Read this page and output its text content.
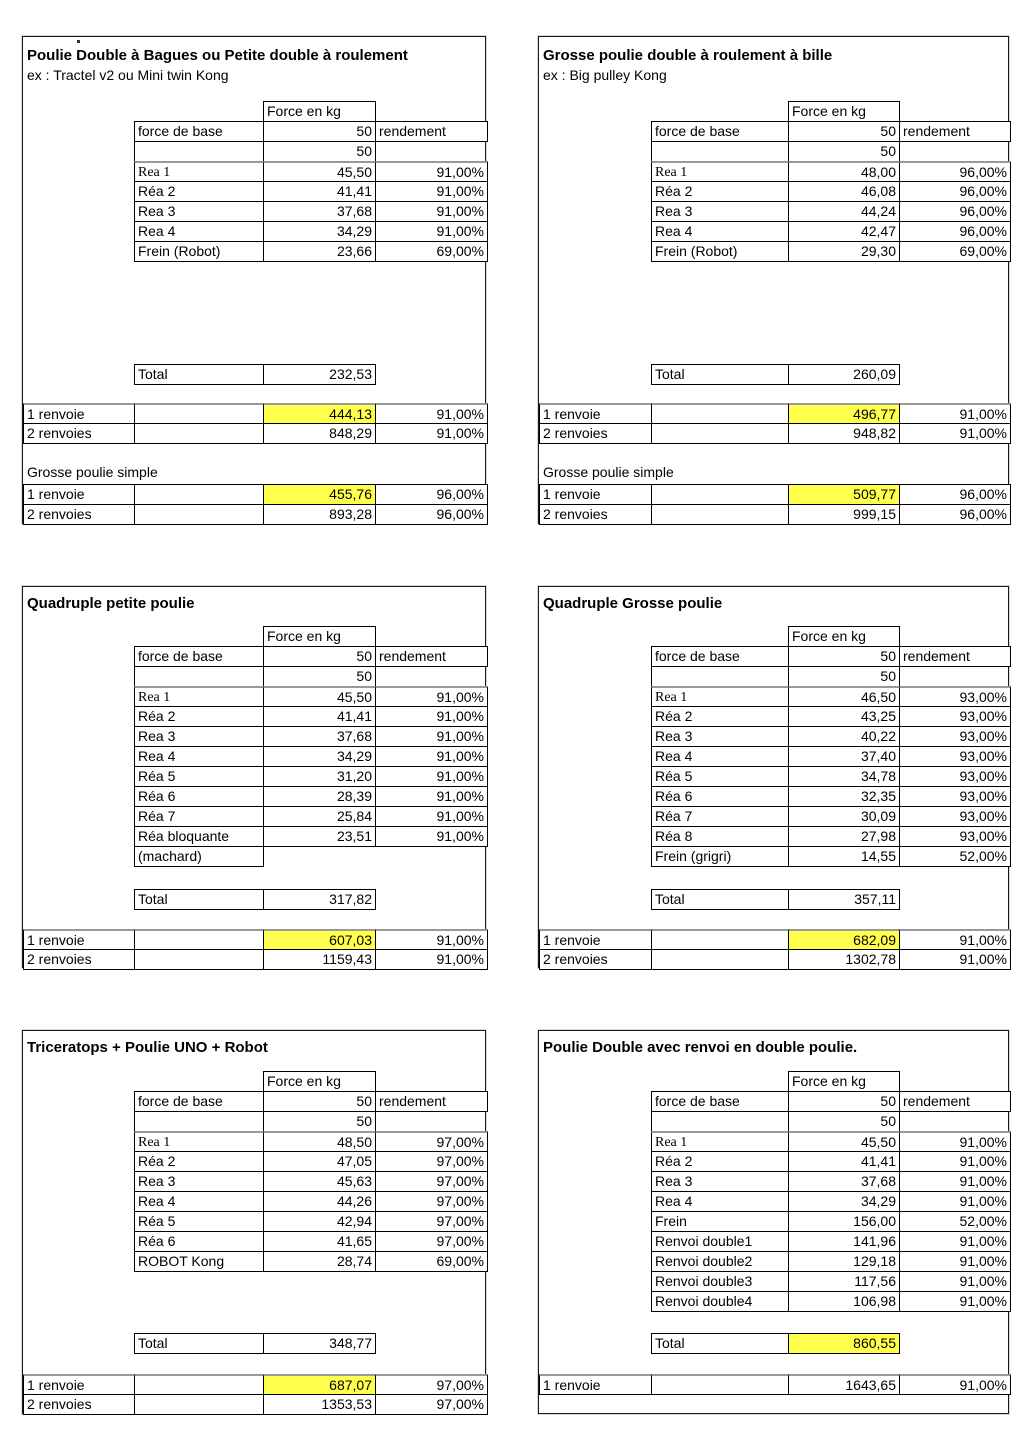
Poulie Double à Bagues ou Petite double à roulement
ex : Tractel v2 ou Mini twin Kong
Force en kg
force de base	50 rendement
50
Rea 1	45,50	91,00%
Réa 2	41,41	91,00%
Rea 3	37,68	91,00%
Rea 4	34,29	91,00%
Frein (Robot)	23,66	69,00%
Total	232,53
1 renvoie	444,13	91,00%
2 renvoies	848,29	91,00%
Grosse poulie simple
1 renvoie	455,76	96,00%
2 renvoies	893,28	96,00%
Grosse poulie double à roulement à bille
ex : Big pulley Kong
Force en kg
force de base	50 rendement
50
Rea 1	48,00	96,00%
Réa 2	46,08	96,00%
Rea 3	44,24	96,00%
Rea 4	42,47	96,00%
Frein (Robot)	29,30	69,00%
Total	260,09
1 renvoie	496,77	91,00%
2 renvoies	948,82	91,00%
Grosse poulie simple
1 renvoie	509,77	96,00%
2 renvoies	999,15	96,00%
Quadruple petite poulie
Force en kg
force de base	50 rendement
50
Rea 1	45,50	91,00%
Réa 2	41,41	91,00%
Rea 3	37,68	91,00%
Rea 4	34,29	91,00%
Réa 5	31,20	91,00%
Réa 6	28,39	91,00%
Réa 7	25,84	91,00%
Réa bloquante	23,51	91,00%
(machard)
Total	317,82
1 renvoie	607,03	91,00%
2 renvoies	1159,43	91,00%
Quadruple Grosse poulie
Force en kg
force de base	50 rendement
50
Rea 1	46,50	93,00%
Réa 2	43,25	93,00%
Rea 3	40,22	93,00%
Rea 4	37,40	93,00%
Réa 5	34,78	93,00%
Réa 6	32,35	93,00%
Réa 7	30,09	93,00%
Réa 8	27,98	93,00%
Frein (grigri)	14,55	52,00%
Total	357,11
1 renvoie	682,09	91,00%
2 renvoies	1302,78	91,00%
Triceratops + Poulie UNO + Robot
Force en kg
force de base	50 rendement
50
Rea 1	48,50	97,00%
Réa 2	47,05	97,00%
Rea 3	45,63	97,00%
Rea 4	44,26	97,00%
Réa 5	42,94	97,00%
Réa 6	41,65	97,00%
ROBOT Kong	28,74	69,00%
Total	348,77
1 renvoie	687,07	97,00%
2 renvoies	1353,53	97,00%
Poulie Double avec renvoi en double poulie.
Force en kg
force de base	50 rendement
50
Rea 1	45,50	91,00%
Réa 2	41,41	91,00%
Rea 3	37,68	91,00%
Rea 4	34,29	91,00%
Frein	156,00	52,00%
Renvoi double1	141,96	91,00%
Renvoi double2	129,18	91,00%
Renvoi double3	117,56	91,00%
Renvoi double4	106,98	91,00%
Total	860,55
1 renvoie	1643,65	91,00%
